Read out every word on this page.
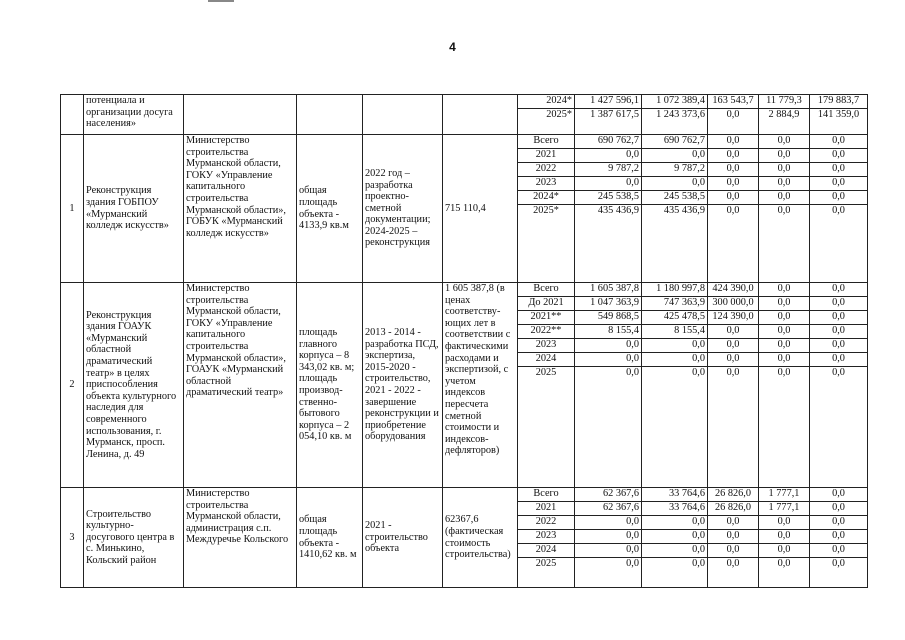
4
	потенциала и организации досуга населения»					2024*	1 427 596,1	1 072 389,4	163 543,7	11 779,3	179 883,7
						2025*	1 387 617,5	1 243 373,6	0,0	2 884,9	141 359,0
1	Реконструкция здания ГОБПОУ «Мурманский колледж искусств»	Министерство строительства Мурманской области, ГОКУ «Управление капитального строительства Мурманской области», ГОБУК «Мурманский колледж искусств»	общая площадь объекта - 4133,9 кв.м	2022 год – разработка проектно-сметной документации; 2024-2025 – реконструкция	715 110,4	Всего	690 762,7	690 762,7	0,0	0,0	0,0
						2021	0,0	0,0	0,0	0,0	0,0
						2022	9 787,2	9 787,2	0,0	0,0	0,0
						2023	0,0	0,0	0,0	0,0	0,0
						2024*	245 538,5	245 538,5	0,0	0,0	0,0
						2025*	435 436,9	435 436,9	0,0	0,0	0,0
2	Реконструкция здания ГОАУК «Мурманский областной драматический театр» в целях приспособления объекта культурного наследия для современного использования, г. Мурманск, просп. Ленина, д. 49	Министерство строительства Мурманской области, ГОКУ «Управление капитального строительства Мурманской области», ГОАУК «Мурманский областной драматический театр»	площадь главного корпуса – 8 343,02 кв. м; площадь производ-ственно-бытового корпуса – 2 054,10 кв. м	2013 - 2014 - разработка ПСД, экспертиза, 2015-2020 - строительство, 2021 - 2022 - завершение реконструкции и приобретение оборудования	1 605 387,8 (в ценах соответству-ющих лет в соответствии с фактическими расходами и экспертизой, с учетом индексов пересчета сметной стоимости и индексов-дефляторов)	Всего	1 605 387,8	1 180 997,8	424 390,0	0,0	0,0
						До 2021	1 047 363,9	747 363,9	300 000,0	0,0	0,0
						2021**	549 868,5	425 478,5	124 390,0	0,0	0,0
						2022**	8 155,4	8 155,4	0,0	0,0	0,0
						2023	0,0	0,0	0,0	0,0	0,0
						2024	0,0	0,0	0,0	0,0	0,0
						2025	0,0	0,0	0,0	0,0	0,0
3	Строительство культурно-досугового центра в с. Минькино, Кольский район	Министерство строительства Мурманской области, администрация с.п. Междуречье Кольского	общая площадь объекта - 1410,62 кв. м	2021 - строительство объекта	62367,6 (фактическая стоимость строительства)	Всего	62 367,6	33 764,6	26 826,0	1 777,1	0,0
						2021	62 367,6	33 764,6	26 826,0	1 777,1	0,0
						2022	0,0	0,0	0,0	0,0	0,0
						2023	0,0	0,0	0,0	0,0	0,0
						2024	0,0	0,0	0,0	0,0	0,0
						2025	0,0	0,0	0,0	0,0	0,0
